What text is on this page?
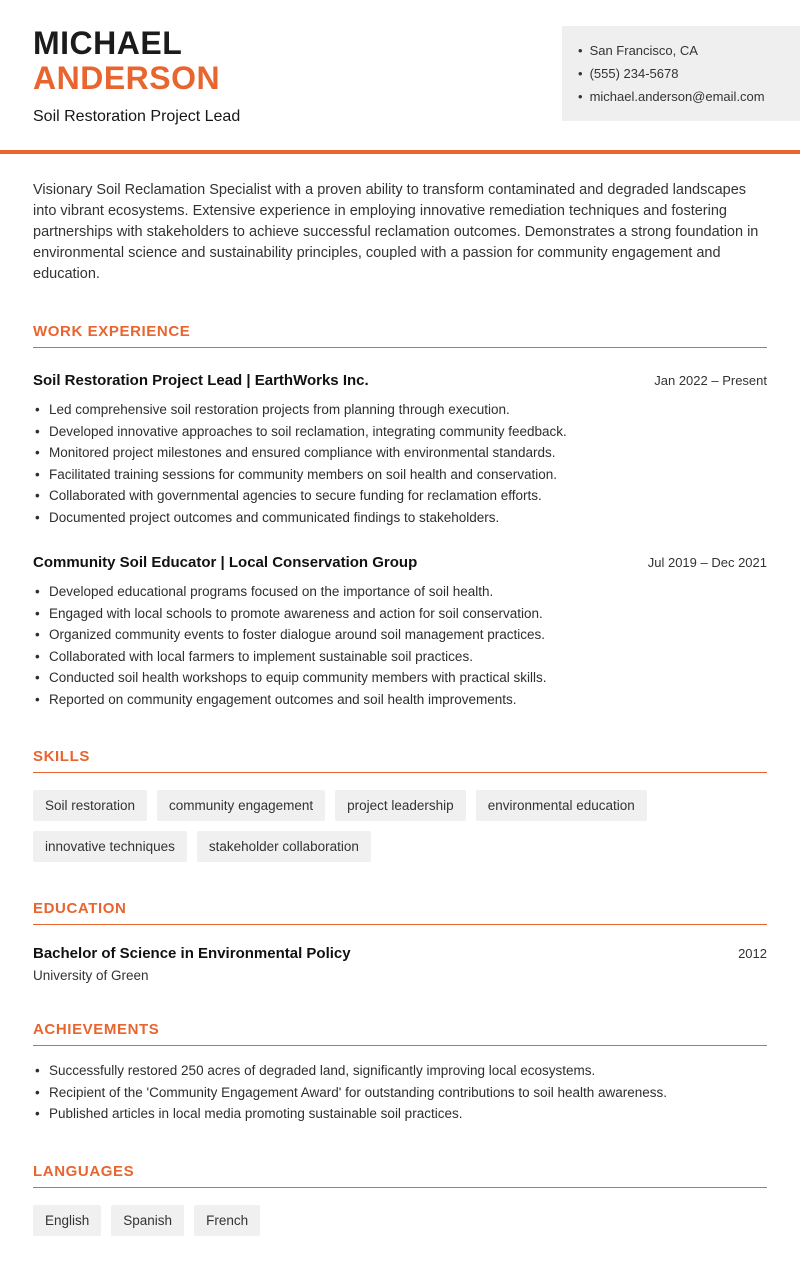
MICHAEL
ANDERSON
Soil Restoration Project Lead
• San Francisco, CA
• (555) 234-5678
• michael.anderson@email.com

Visionary Soil Reclamation Specialist with a proven ability to transform contaminated and degraded landscapes into vibrant ecosystems. Extensive experience in employing innovative remediation techniques and fostering partnerships with stakeholders to achieve successful reclamation outcomes. Demonstrates a strong foundation in environmental science and sustainability principles, coupled with a passion for community engagement and education.

WORK EXPERIENCE
Soil Restoration Project Lead | EarthWorks Inc.	Jan 2022 – Present
• Led comprehensive soil restoration projects from planning through execution.
• Developed innovative approaches to soil reclamation, integrating community feedback.
• Monitored project milestones and ensured compliance with environmental standards.
• Facilitated training sessions for community members on soil health and conservation.
• Collaborated with governmental agencies to secure funding for reclamation efforts.
• Documented project outcomes and communicated findings to stakeholders.
Community Soil Educator | Local Conservation Group	Jul 2019 – Dec 2021
• Developed educational programs focused on the importance of soil health.
• Engaged with local schools to promote awareness and action for soil conservation.
• Organized community events to foster dialogue around soil management practices.
• Collaborated with local farmers to implement sustainable soil practices.
• Conducted soil health workshops to equip community members with practical skills.
• Reported on community engagement outcomes and soil health improvements.
SKILLS
Soil restoration	community engagement	project leadership	environmental education
innovative techniques	stakeholder collaboration
EDUCATION
Bachelor of Science in Environmental Policy	2012
University of Green
ACHIEVEMENTS
• Successfully restored 250 acres of degraded land, significantly improving local ecosystems.
• Recipient of the 'Community Engagement Award' for outstanding contributions to soil health awareness.
• Published articles in local media promoting sustainable soil practices.
LANGUAGES
English	Spanish	French
